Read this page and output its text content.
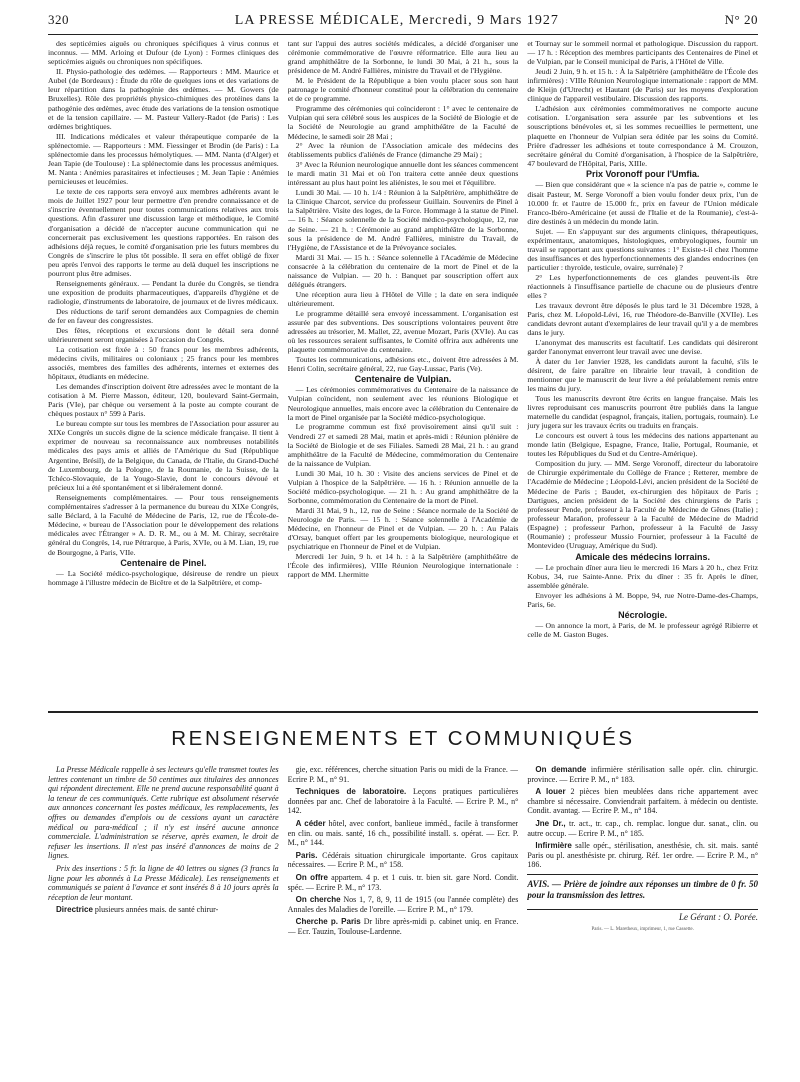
320	LA PRESSE MÉDICALE, Mercredi, 9 Mars 1927	N° 20

des septicémies aiguës ou chroniques spécifiques à virus connus et inconnus. — MM. Arloing et Dufour (de Lyon) : Formes cliniques des septicémies aiguës ou chroniques non spécifiques.

II. Physio-pathologie des œdèmes. — Rapporteurs : MM. Maurice et Aubel (de Bordeaux) : Étude du rôle de quelques ions et des variations de leur répartition dans la pathogénie des œdèmes. — M. Gowers (de Bruxelles). Rôle des propriétés physico-chimiques des protéines dans la pathogénie des œdèmes, avec étude des variations de la tension osmotique et de la tension capillaire. — M. Pasteur Vallery-Radot (de Paris) : Les œdèmes brightiques.

III. Indications médicales et valeur thérapeutique comparée de la splénectomie. — Rapporteurs : MM. Fiessinger et Brodin (de Paris) : La splénectomie dans les processus hémolytiques. — MM. Nanta (d'Alger) et Jean Tapie (de Toulouse) : La splénectomie dans les processus anémiques. M. Nanta : Anémies parasitaires et infectieuses ; M. Jean Tapie : Anémies pernicieuses et leucémies.

Le texte de ces rapports sera envoyé aux membres adhérents avant le mois de Juillet 1927 pour leur permettre d'en prendre connaissance et de s'inscrire éventuellement pour toutes communications relatives aux trois questions. Afin d'assurer une discussion large et méthodique, le Comité d'organisation a décidé de n'accepter aucune communication qui ne concernerait pas exclusivement les questions rapportées. En raison des adhésions déjà reçues, le comité d'organisation prie les futurs membres du Congrès de s'inscrire le plus tôt possible. Il sera en effet obligé de fixer peu après l'envoi des rapports le terme au delà duquel les inscriptions ne pourront plus être admises.

Renseignements généraux. — Pendant la durée du Congrès, se tiendra une exposition de produits pharmaceutiques, d'appareils d'hygiène et de radiologie, d'instruments de laboratoire, de journaux et de livres médicaux.

Des réductions de tarif seront demandées aux Compagnies de chemin de fer en faveur des congressistes.

Des fêtes, réceptions et excursions dont le détail sera donné ultérieurement seront organisées à l'occasion du Congrès.

La cotisation est fixée à : 50 francs pour les membres adhérents, médecins civils, militaires ou coloniaux ; 25 francs pour les membres associés, membres des familles des adhérents, internes et externes des hôpitaux, étudiants en médecine.

Les demandes d'inscription doivent être adressées avec le montant de la cotisation à M. Pierre Masson, éditeur, 120, boulevard Saint-Germain, Paris (VIe), par chèque ou versement à la poste au compte courant de chèques postaux n° 599 à Paris.

Le bureau compte sur tous les membres de l'Association pour assurer au XIXe Congrès un succès digne de la science médicale française. Il tient à exprimer de nouveau sa reconnaissance aux nombreuses notabilités médicales des pays amis et alliés de l'Amérique du Sud (République Argentine, Brésil), de la Belgique, du Canada, de l'Italie, du Grand-Duché de Luxembourg, de la Pologne, de la Roumanie, de la Suisse, de la Tchéco-Slovaquie, de la Yougo-Slavie, dont le concours dévoué et précieux lui a été spontanément et si libéralement donné.

Renseignements complémentaires. — Pour tous renseignements complémentaires s'adresser à la permanence du bureau du XIXe Congrès, salle Béclard, à la Faculté de Médecine de Paris, 12, rue de l'École-de-Médecine, « bureau de l'Association pour le développement des relations médicales avec l'Étranger » A. D. R. M., ou à M. M. Chiray, secrétaire général du Congrès, 14, rue Pétrarque, à Paris, XVIe, ou à M. Lian, 19, rue de Bourgogne, à Paris, VIIe.

Centenaire de Pinel.

— La Société médico-psychologique, désireuse de rendre un pieux hommage à l'illustre médecin de Bicêtre et de la Salpêtrière, et comp-

tant sur l'appui des autres sociétés médicales, a décidé d'organiser une cérémonie commémorative de l'œuvre réformatrice. Elle aura lieu au grand amphithéâtre de la Sorbonne, le lundi 30 Mai, à 21 h., sous la présidence de M. André Fallières, ministre du Travail et de l'Hygiène.

M. le Président de la République a bien voulu placer sous son haut patronage le comité d'honneur constitué pour la célébration du centenaire et de ce programme.

Programme des cérémonies qui coïncideront : 1° avec le centenaire de Vulpian qui sera célébré sous les auspices de la Société de Biologie et de la Société de Neurologie au grand amphithéâtre de la Faculté de Médecine, le samedi soir 28 Mai ;

2° Avec la réunion de l'Association amicale des médecins des établissements publics d'aliénés de France (dimanche 29 Mai) ;

3° Avec la Réunion neurologique annuelle dont les séances commencent le mardi matin 31 Mai et où l'on traitera cette année deux questions intéressant au plus haut point les aliénistes, le sou mei et l'équilibre.

Lundi 30 Mai. — 10 h. 1/4 : Réunion à la Salpêtrière, amphithéâtre de la Clinique Charcot, service du professeur Guillain. Souvenirs de Pinel à la Salpêtrière. Visite des loges, de la Force. Hommage à la statue de Pinel. — 16 h. : Séance solennelle de la Société médico-psychologique, 12, rue de Seine. — 21 h. : Cérémonie au grand amphithéâtre de la Sorbonne, sous la présidence de M. André Fallières, ministre du Travail, de l'Hygiène, de l'Assistance et de la Prévoyance sociales.

Mardi 31 Mai. — 15 h. : Séance solennelle à l'Académie de Médecine consacrée à la célébration du centenaire de la mort de Pinel et de la naissance de Vulpian. — 20 h. : Banquet par souscription offert aux délégués étrangers.

Une réception aura lieu à l'Hôtel de Ville ; la date en sera indiquée ultérieurement.

Le programme détaillé sera envoyé incessamment. L'organisation est assurée par des subventions. Des souscriptions volontaires peuvent être adressées au trésorier, M. Mallet, 22, avenue Mozart, Paris (XVIe). Au cas où les ressources seraient suffisantes, le Comité offrira aux adhérents une plaquette commémorative du centenaire.

Toutes les communications, adhésions etc., doivent être adressées à M. Henri Colin, secrétaire général, 22, rue Gay-Lussac, Paris (Ve).

Centenaire de Vulpian.

— Les cérémonies commémoratives du Centenaire de la naissance de Vulpian coïncident, non seulement avec les réunions Biologique et Neurologique annuelles, mais encore avec la célébration du Centenaire de la mort de Pinel organisée par la Société médico-psychologique.

Le programme commun est fixé provisoirement ainsi qu'il suit : Vendredi 27 et samedi 28 Mai, matin et après-midi : Réunion plénière de la Société de Biologie et de ses Filiales. Samedi 28 Mai, 21 h. : au grand amphithéâtre de la Faculté de Médecine, commémoration du Centenaire de la naissance de Vulpian.

Lundi 30 Mai, 10 h. 30 : Visite des anciens services de Pinel et de Vulpian à l'hospice de la Salpêtrière. — 16 h. : Réunion annuelle de la Société médico-psychologique. — 21 h. : Au grand amphithéâtre de la Sorbonne, commémoration du Centenaire de la mort de Pinel.

Mardi 31 Mai, 9 h., 12, rue de Seine : Séance normale de la Société de Neurologie de Paris. — 15 h. : Séance solennelle à l'Académie de Médecine, en l'honneur de Pinel et de Vulpian. — 20 h. : Au Palais d'Orsay, banquet offert par les groupements biologique, neurologique et psychiatrique en l'honneur de Pinel et de Vulpian.

Mercredi 1er Juin, 9 h. et 14 h. : à la Salpêtrière (amphithéâtre de l'École des infirmières), VIIIe Réunion Neurologique internationale : rapport de MM. Lhermitte

et Tournay sur le sommeil normal et pathologique. Discussion du rapport. — 17 h. : Réception des membres participants des Centenaires de Pinel et de Vulpian, par le Conseil municipal de Paris, à l'Hôtel de Ville.

Jeudi 2 Juin, 9 h. et 15 h. : À la Salpêtrière (amphithéâtre de l'École des infirmières) : VIIIe Réunion Neurologique internationale : rapport de MM. de Kleijn (d'Utrecht) et Hautant (de Paris) sur les moyens d'exploration clinique de l'appareil vestibulaire. Discussion des rapports.

L'adhésion aux cérémonies commémoratives ne comporte aucune cotisation. L'organisation sera assurée par les subventions et les souscriptions bénévoles et, si les sommes recueillies le permettent, une plaquette en l'honneur de Vulpian sera éditée par les soins du Comité. Prière d'adresser les adhésions et toute correspondance à M. Crouzon, secrétaire général du Comité d'organisation, à l'hospice de la Salpêtrière, 47 boulevard de l'Hôpital, Paris, XIIIe.

Prix Voronoff pour l'Umfia.

— Bien que considérant que « la science n'a pas de patrie », comme le disait Pasteur, M. Serge Voronoff a bien voulu fonder deux prix, l'un de 10.000 fr. et l'autre de 15.000 fr., prix en faveur de l'Union médicale Franco-Ibéro-Américaine (et aussi de l'Italie et de la Roumanie), c'est-à-dire destinés à un médecin du monde latin.

Sujet. — En s'appuyant sur des arguments cliniques, thérapeutiques, expérimentaux, anatomiques, histologiques, embryologiques, fournir un travail se rapportant aux questions suivantes : 1° Existe-t-il chez l'homme des insuffisances et des hyperfonctionnements des glandes endocrines (en particulier : thyroïde, testicule, ovaire, surrénale) ?

2° Les hyperfonctionnements de ces glandes peuvent-ils être réactionnels à l'insuffisance partielle de chacune ou de plusieurs d'entre elles ?

Les travaux devront être déposés le plus tard le 31 Décembre 1928, à Paris, chez M. Léopold-Lévi, 16, rue Théodore-de-Banville (XVIIe). Les candidats devront autant d'exemplaires de leur travail qu'il y a de membres dans le jury.

L'anonymat des manuscrits est facultatif. Les candidats qui désireront garder l'anonymat enverront leur travail avec une devise.

À dater du 1er Janvier 1928, les candidats auront la faculté, s'ils le désirent, de faire paraître en librairie leur travail, à condition de mentionner que le manuscrit de leur livre a été préalablement remis entre les mains du jury.

Tous les manuscrits devront être écrits en langue française. Mais les livres reproduisant ces manuscrits pourront être publiés dans la langue maternelle du candidat (espagnol, français, italien, portugais, roumain). Le jury jugera sur les travaux écrits ou traduits en français.

Le concours est ouvert à tous les médecins des nations appartenant au monde latin (Belgique, Espagne, France, Italie, Portugal, Roumanie, et toutes les Républiques du Sud et du Centre-Amérique).

Composition du jury. — MM. Serge Voronoff, directeur du laboratoire de Chirurgie expérimentale du Collège de France ; Retterer, membre de l'Académie de Médecine ; Léopold-Lévi, ancien président de la Société de Médecine de Paris ; Baudet, ex-chirurgien des hôpitaux de Paris ; Dartigues, ancien président de la Société des chirurgiens de Paris ; professeur Pende, professeur à la Faculté de Médecine de Gênes (Italie) ; professeur Marañon, professeur à la Faculté de Médecine de Madrid (Espagne) ; professeur Parhon, professeur à la Faculté de Jassy (Roumanie) ; professeur Mussio Fournier, professeur à la Faculté de Montevideo (Uruguay, Amérique du Sud).

Amicale des médecins lorrains.

— Le prochain dîner aura lieu le mercredi 16 Mars à 20 h., chez Fritz Kobus, 34, rue Sainte-Anne. Prix du dîner : 35 fr. Après le dîner, assemblée générale.

Envoyer les adhésions à M. Boppe, 94, rue Notre-Dame-des-Champs, Paris, 6e.

Nécrologie.

— On annonce la mort, à Paris, de M. le professeur agrégé Ribierre et celle de M. Gaston Buges.

RENSEIGNEMENTS ET COMMUNIQUÉS

La Presse Médicale rappelle à ses lecteurs qu'elle transmet toutes les lettres contenant un timbre de 50 centimes aux titulaires des annonces qui répondent directement. Elle ne prend aucune responsabilité quant à la teneur de ces communiqués. Cette rubrique est absolument réservée aux annonces concernant les postes médicaux, les remplacements, les offres ou demandes d'emplois ou de cessions ayant un caractère médical ou para-médical ; il n'y est inséré aucune annonce commerciale. L'administration se réserve, après examen, le droit de refuser les insertions. Il n'est pas inséré d'annonces de moins de 2 lignes.

Prix des insertions : 5 fr. la ligne de 40 lettres ou signes (3 francs la ligne pour les abonnés à La Presse Médicale). Les renseignements et communiqués se paient à l'avance et sont insérés 8 à 10 jours après la réception de leur montant.

Directrice plusieurs années mais. de santé chirur-

gie, exc. références, cherche situation Paris ou midi de la France. — Ecrire P. M., n° 91.

Techniques de laboratoire. Leçons pratiques particulières données par anc. Chef de laboratoire à la Faculté. — Ecrire P. M., n° 142.

A céder hôtel, avec confort, banlieue imméd., facile à transformer en clin. ou mais. santé, 16 ch., possibilité install. s. opérat. — Ecr. P. M., n° 144.

Paris. Cédérais situation chirurgicale importante. Gros capitaux nécessaires. — Ecrire P. M., n° 158.

On offre appartem. 4 p. et 1 cuis. tr. bien sit. gare Nord. Condit. spéc. — Ecrire P. M., n° 173.

On cherche Nos 1, 7, 8, 9, 11 de 1915 (ou l'année complète) des Annales des Maladies de l'oreille. — Ecrire P. M., n° 179.

Cherche p. Paris Dr libre après-midi p. cabinet uniq. en France. — Ecr. Tauzin, Toulouse-Lardenne.

On demande infirmière stérilisation salle opér. clin. chirurgic. province. — Ecrire P. M., n° 183.

A louer 2 pièces bien meublées dans riche appartement avec chambre si nécessaire. Conviendrait parfaitem. à médecin ou dentiste. Condit. avantag. — Ecrire P. M., n° 184.

Jne Dr., tr. act., tr. cap., ch. remplac. longue dur. sanat., clin. ou autre occup. — Ecrire P. M., n° 185.

Infirmière salle opér., stérilisation, anesthésie, ch. sit. mais. santé Paris ou pl. anesthésiste pr. chirurg. Réf. 1er ordre. — Ecrire P. M., n° 186.

AVIS. — Prière de joindre aux réponses un timbre de 0 fr. 50 pour la transmission des lettres.
Le Gérant : O. Porée.
Paris. — L. Maretheux, imprimeur, 1, rue Cassette.
